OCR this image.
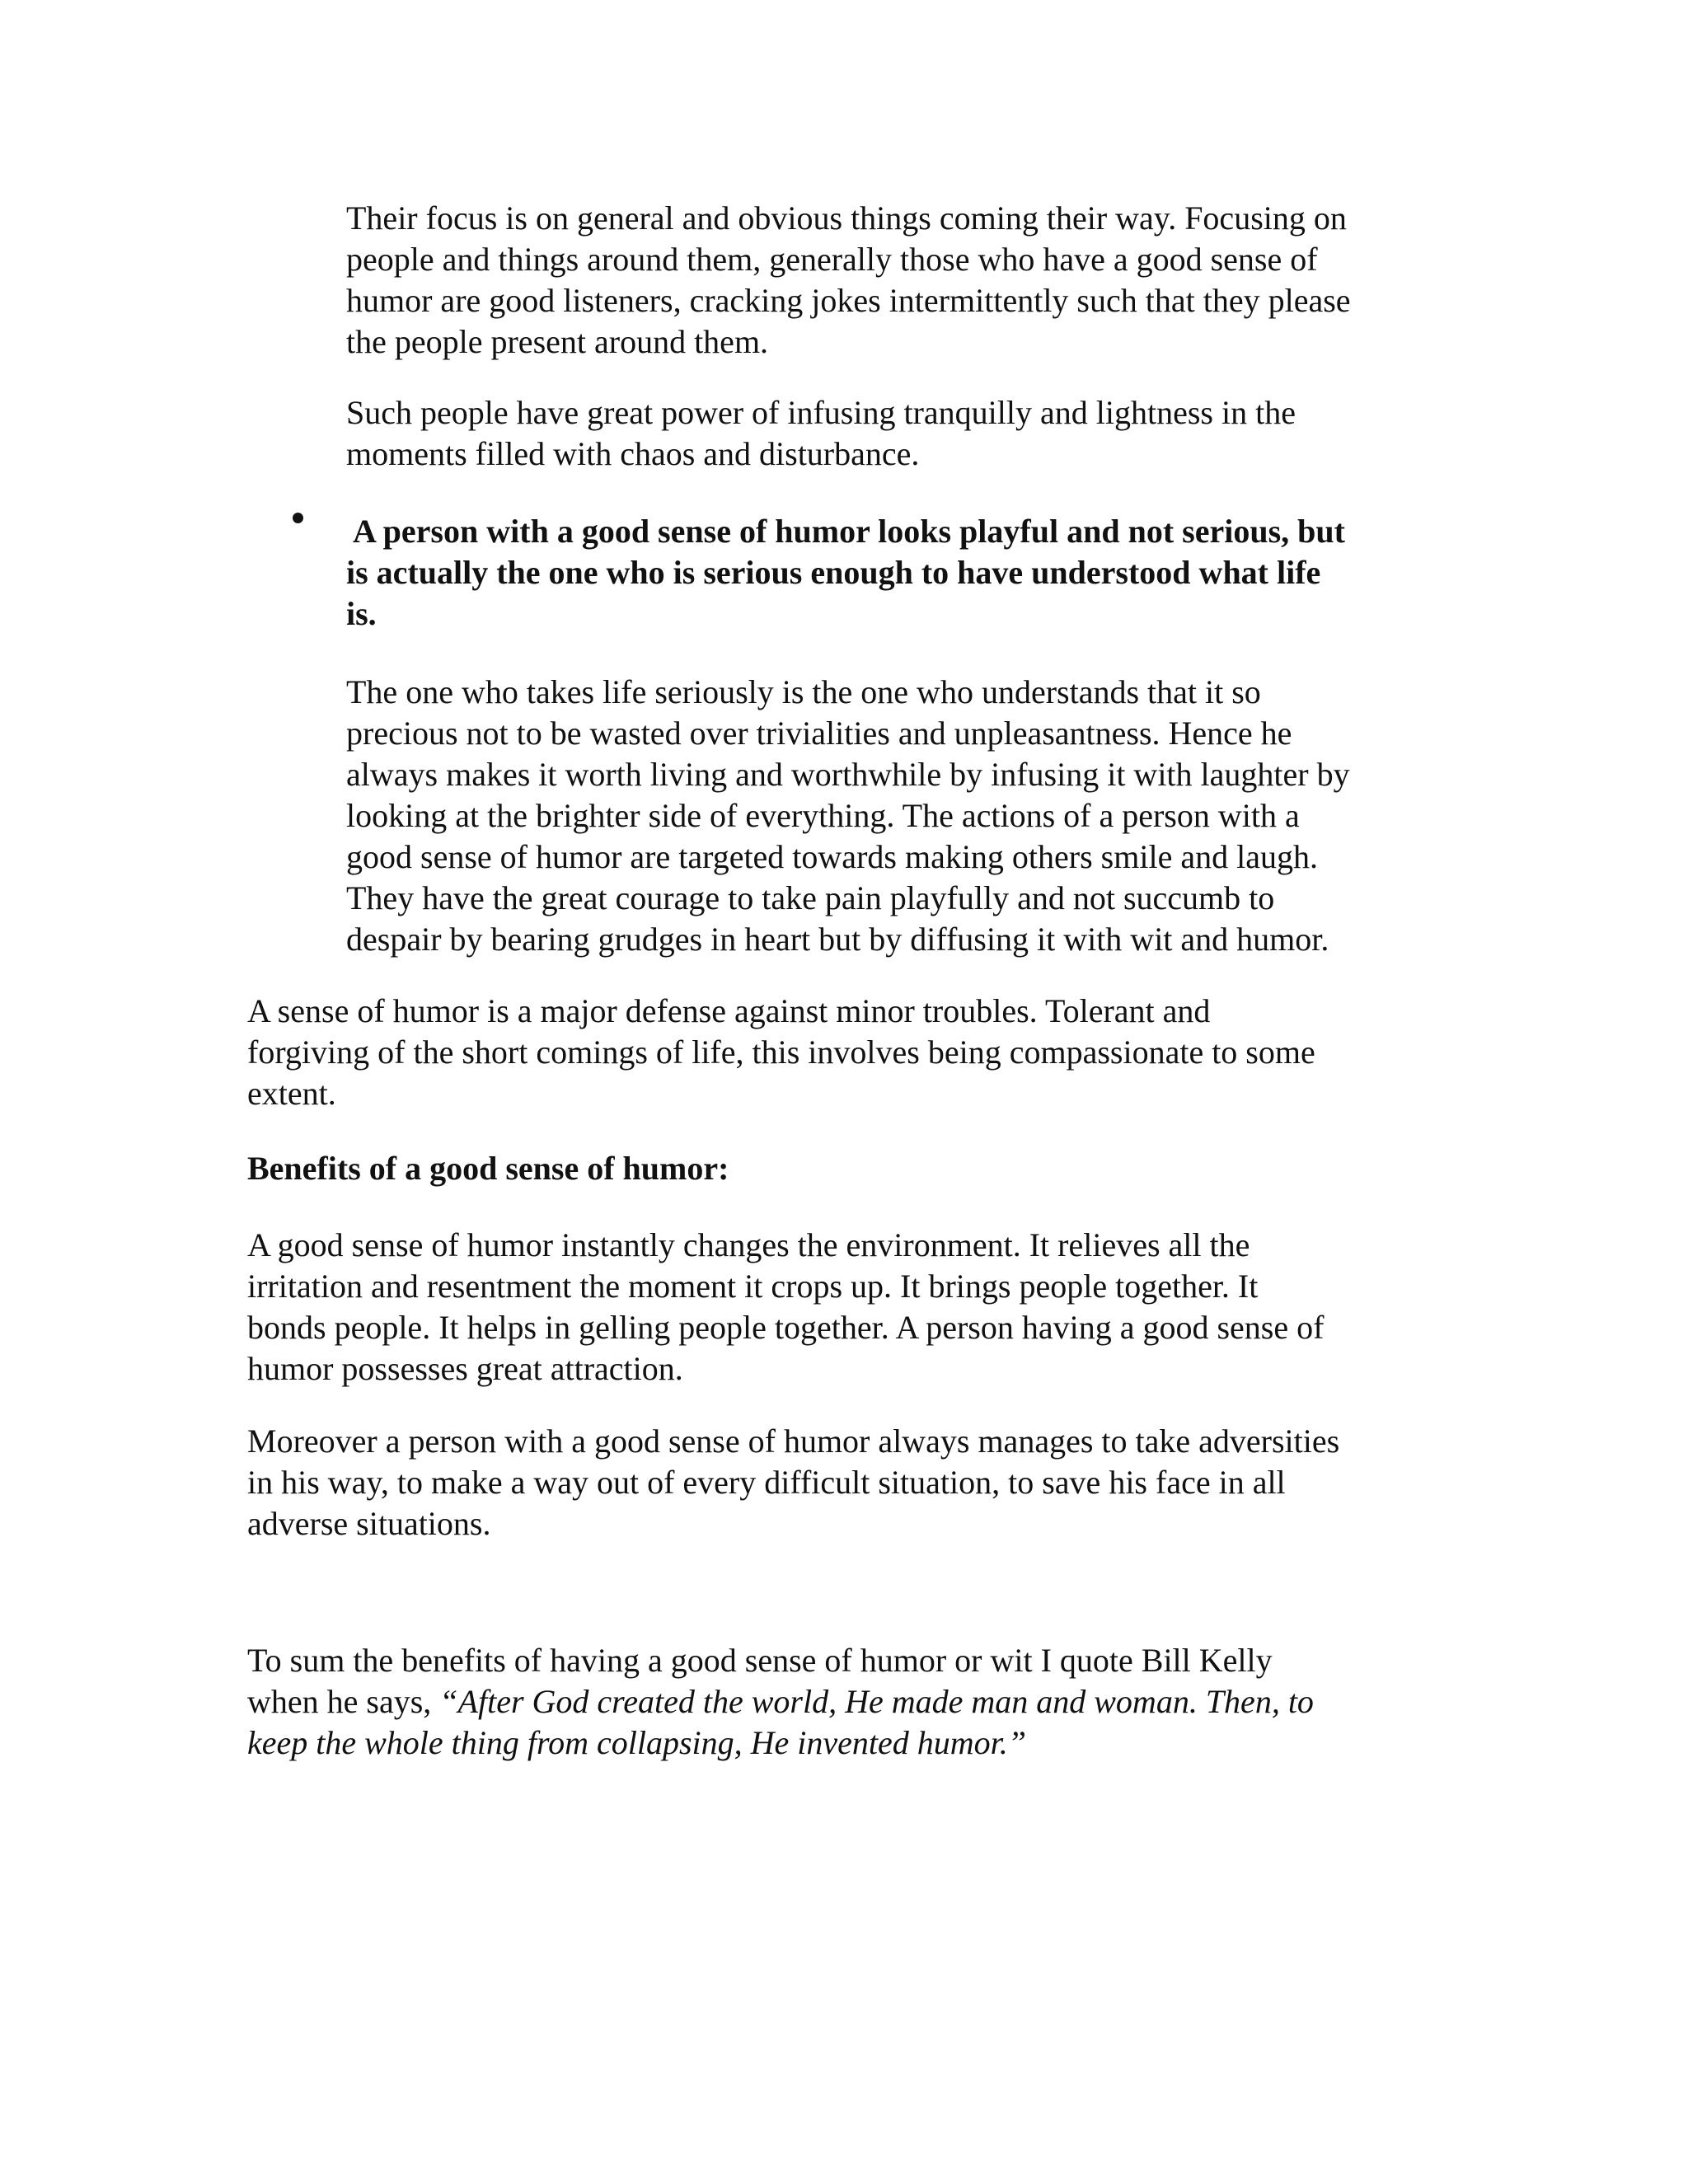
Their focus is on general and obvious things coming their way. Focusing on
people and things around them, generally those who have a good sense of
humor are good listeners, cracking jokes intermittently such that they please
the people present around them.

Such people have great power of infusing tranquilly and lightness in the
moments filled with chaos and disturbance.

A person with a good sense of humor looks playful and not serious, but
is actually the one who is serious enough to have understood what life
is.

The one who takes life seriously is the one who understands that it so
precious not to be wasted over trivialities and unpleasantness. Hence he
always makes it worth living and worthwhile by infusing it with laughter by
looking at the brighter side of everything. The actions of a person with a
good sense of humor are targeted towards making others smile and laugh.
They have the great courage to take pain playfully and not succumb to
despair by bearing grudges in heart but by diffusing it with wit and humor.

A sense of humor is a major defense against minor troubles. Tolerant and
forgiving of the short comings of life, this involves being compassionate to some
extent.

Benefits of a good sense of humor:

A good sense of humor instantly changes the environment. It relieves all the
irritation and resentment the moment it crops up. It brings people together. It
bonds people. It helps in gelling people together. A person having a good sense of
humor possesses great attraction.

Moreover a person with a good sense of humor always manages to take adversities
in his way, to make a way out of every difficult situation, to save his face in all
adverse situations.

To sum the benefits of having a good sense of humor or wit I quote Bill Kelly
when he says, “After God created the world, He made man and woman. Then, to
keep the whole thing from collapsing, He invented humor.”
